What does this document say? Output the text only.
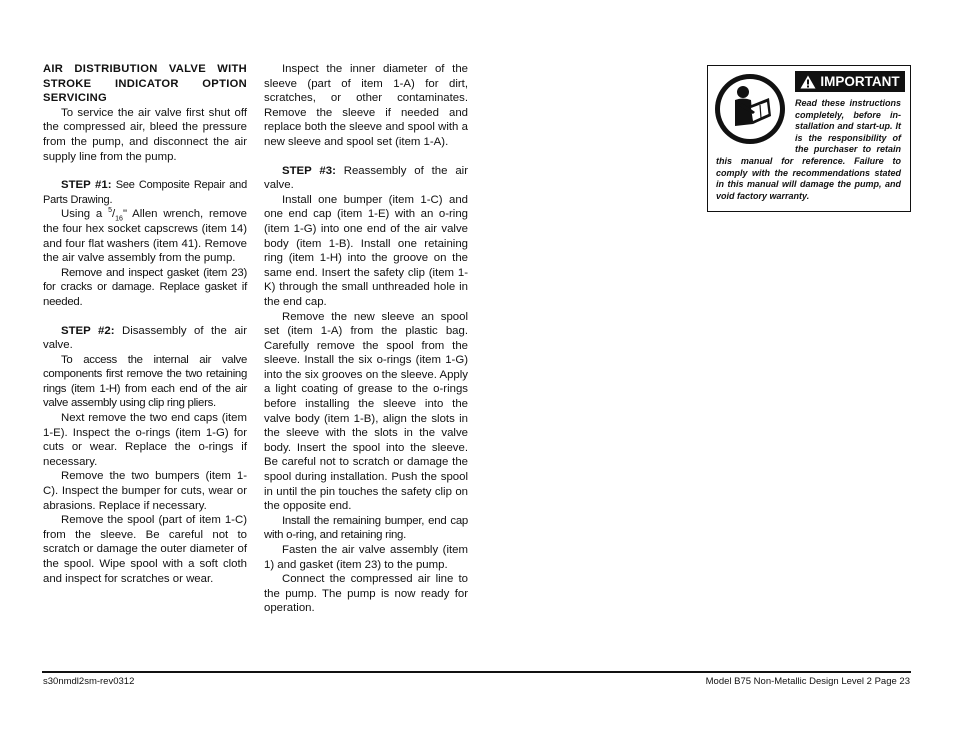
AIR DISTRIBUTION VALVE WITH
STROKE INDICATOR OPTION
SERVICING

To service the air valve first shut off the compressed air, bleed the pressure from the pump, and disconnect the air supply line from the pump.

STEP #1: See Composite Repair and Parts Drawing.

Using a $^5/_{16}$" Allen wrench, remove the four hex socket capscrews (item 14) and four flat washers (item 41). Remove the air valve assembly from the pump.

Remove and inspect gasket (item 23) for cracks or damage. Replace gasket if needed.

STEP #2: Disassembly of the air valve.

To access the internal air valve components first remove the two retaining rings (item 1-H) from each end of the air valve assembly using clip ring pliers.

Next remove the two end caps (item 1-E). Inspect the o-rings (item 1-G) for cuts or wear. Replace the o-rings if necessary.

Remove the two bumpers (item 1-C). Inspect the bumper for cuts, wear or abrasions. Replace if necessary.

Remove the spool (part of item 1-C) from the sleeve. Be careful not to scratch or damage the outer diameter of the spool. Wipe spool with a soft cloth and inspect for scratches or wear.

Inspect the inner diameter of the sleeve (part of item 1-A) for dirt, scratches, or other contaminates. Remove the sleeve if needed and replace both the sleeve and spool with a new sleeve and spool set (item 1-A).

STEP #3: Reassembly of the air valve.

Install one bumper (item 1-C) and one end cap (item 1-E) with an o-ring (item 1-G) into one end of the air valve body (item 1-B). Install one retaining ring (item 1-H) into the groove on the same end. Insert the safety clip (item 1-K) through the small unthreaded hole in the end cap.

Remove the new sleeve an spool set (item 1-A) from the plastic bag. Carefully remove the spool from the sleeve. Install the six o-rings (item 1-G) into the six grooves on the sleeve. Apply a light coating of grease to the o-rings before installing the sleeve into the valve body (item 1-B), align the slots in the sleeve with the slots in the valve body. Insert the spool into the sleeve. Be careful not to scratch or damage the spool during installation. Push the spool in until the pin touches the safety clip on the opposite end.

Install the remaining bumper, end cap with o-ring, and retaining ring.

Fasten the air valve assembly (item 1) and gasket (item 23) to the pump.

Connect the compressed air line to the pump. The pump is now ready for operation.

IMPORTANT
Read these instructions completely, before in-stallation and start-up. It is the responsibility of the purchaser to retain
this manual for reference. Failure to comply with the recommendations stated in this manual will damage the pump, and void factory warranty.
s30nmdl2sm-rev0312	Model B75 Non-Metallic Design Level 2 Page 23
